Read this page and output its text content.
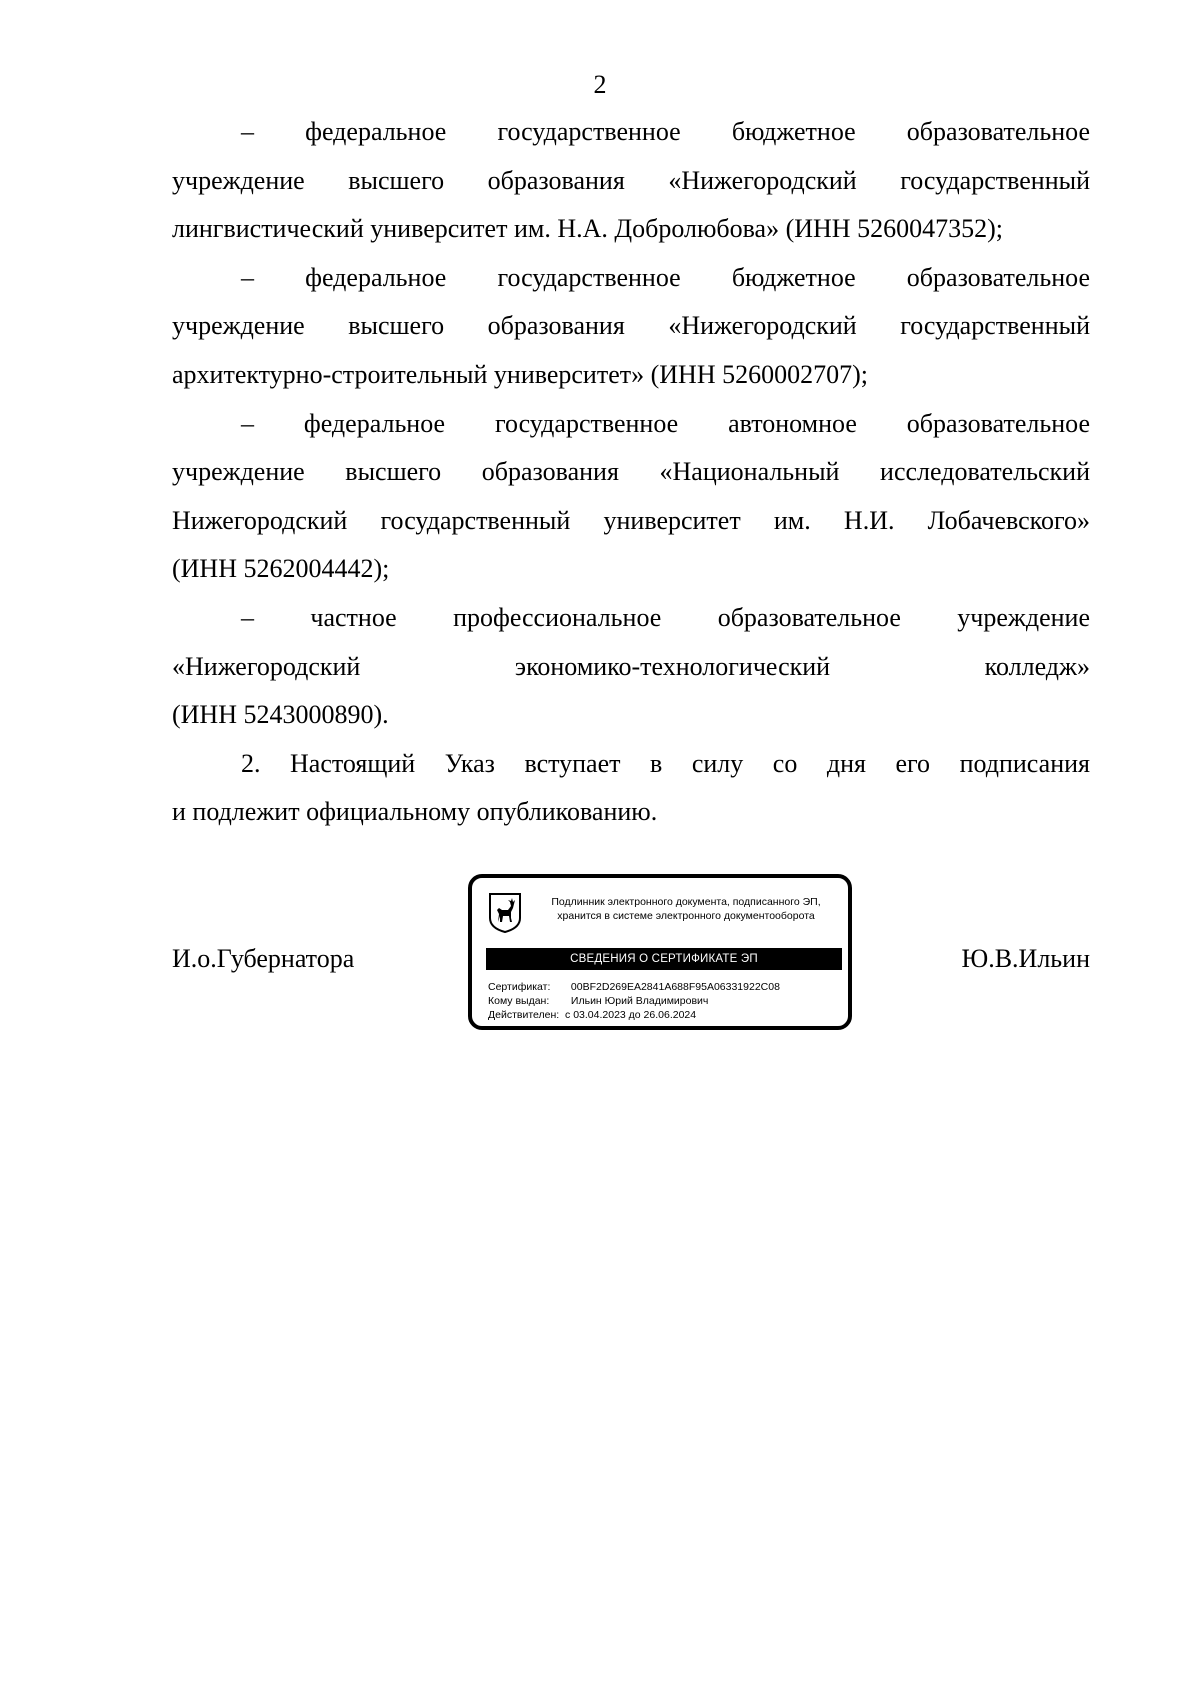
2

– федеральное государственное бюджетное образовательное
учреждение высшего образования «Нижегородский государственный
лингвистический университет им. Н.А. Добролюбова» (ИНН 5260047352);

– федеральное государственное бюджетное образовательное
учреждение высшего образования «Нижегородский государственный
архитектурно-строительный университет» (ИНН 5260002707);

– федеральное государственное автономное образовательное
учреждение высшего образования «Национальный исследовательский
Нижегородский государственный университет им. Н.И. Лобачевского»
(ИНН 5262004442);

– частное профессиональное образовательное учреждение
«Нижегородский экономико-технологический колледж»
(ИНН 5243000890).

2. Настоящий Указ вступает в силу со дня его подписания
и подлежит официальному опубликованию.

И.о.Губернатора	Ю.В.Ильин
Подлинник электронного документа, подписанного ЭП,
хранится в системе электронного документооборота
СВЕДЕНИЯ О СЕРТИФИКАТЕ ЭП
Сертификат:  00BF2D269EA2841A688F95A06331922C08
Кому выдан:  Ильин Юрий Владимирович
Действителен:  с 03.04.2023 до 26.06.2024
